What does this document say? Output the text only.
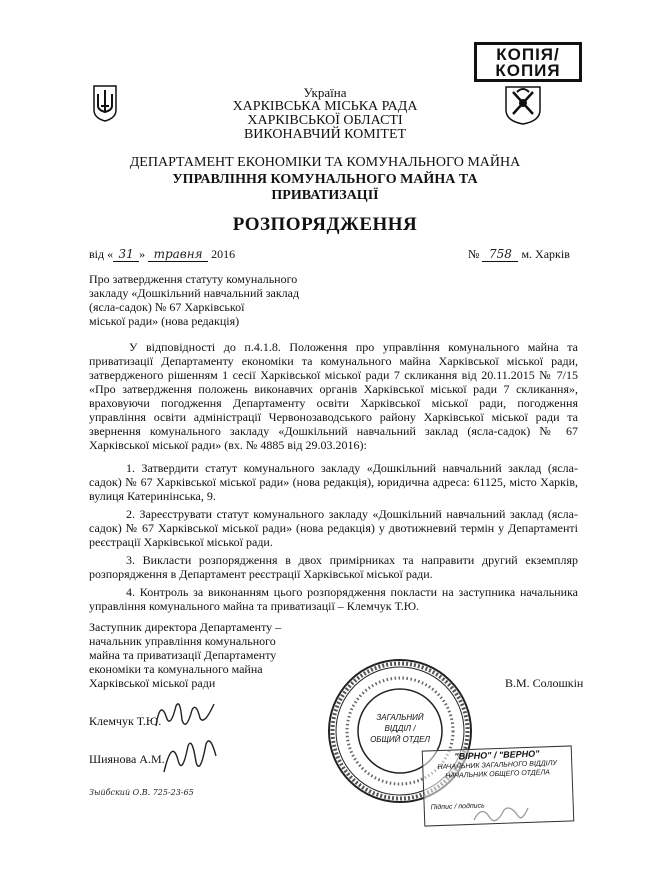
КОПІЯ/
КОПИЯ
Україна
ХАРКІВСЬКА МІСЬКА РАДА
ХАРКІВСЬКОЇ ОБЛАСТІ
ВИКОНАВЧИЙ КОМІТЕТ
ДЕПАРТАМЕНТ ЕКОНОМІКИ ТА КОМУНАЛЬНОГО МАЙНА
УПРАВЛІННЯ КОМУНАЛЬНОГО МАЙНА ТА
ПРИВАТИЗАЦІЇ
РОЗПОРЯДЖЕННЯ
від « 31 » травня 2016	№ 758 м. Харків
Про затвердження статуту комунального
закладу «Дошкільний навчальний заклад
(ясла-садок) № 67 Харківської
міської ради» (нова редакція)
У відповідності до п.4.1.8. Положення про управління комунального майна та приватизації Департаменту економіки та комунального майна Харківської міської ради, затвердженого рішенням 1 сесії Харківської міської ради 7 скликання від 20.11.2015 № 7/15 «Про затвердження положень виконавчих органів Харківської міської ради 7 скликання», враховуючи погодження Департаменту освіти Харківської міської ради, погодження управління освіти адміністрації Червонозаводського району Харківської міської ради та звернення комунального закладу «Дошкільний навчальний заклад (ясла-садок) № 67 Харківської міської ради» (вх. № 4885 від 29.03.2016):
1. Затвердити статут комунального закладу «Дошкільний навчальний заклад (ясла-садок) № 67 Харківської міської ради» (нова редакція), юридична адреса: 61125, місто Харків, вулиця Катеринінська, 9.
2. Зареєструвати статут комунального закладу «Дошкільний навчальний заклад (ясла-садок) № 67 Харківської міської ради» (нова редакція) у двотижневий термін у Департаменті реєстрації Харківської міської ради.
3. Викласти розпорядження в двох примірниках та направити другий екземпляр розпорядження в Департамент реєстрації Харківської міської ради.
4. Контроль за виконанням цього розпорядження покласти на заступника начальника управління комунального майна та приватизації – Клемчук Т.Ю.
Заступник директора Департаменту –
начальник управління комунального
майна та приватизації Департаменту
економіки та комунального майна
Харківської міської ради	В.М. Солошкін
Клемчук Т.Ю.
Шиянова А.М.
Зыйбский О.В. 725-23-65
ЗАГАЛЬНИЙ
ВІДДІЛ /
ОБЩИЙ ОТДЕЛ
"ВІРНО" / "ВЕРНО"
НАЧАЛЬНИК ЗАГАЛЬНОГО ВІДДІЛУ
НАЧАЛЬНИК ОБЩЕГО ОТДЕЛА
Підпис / подпись
